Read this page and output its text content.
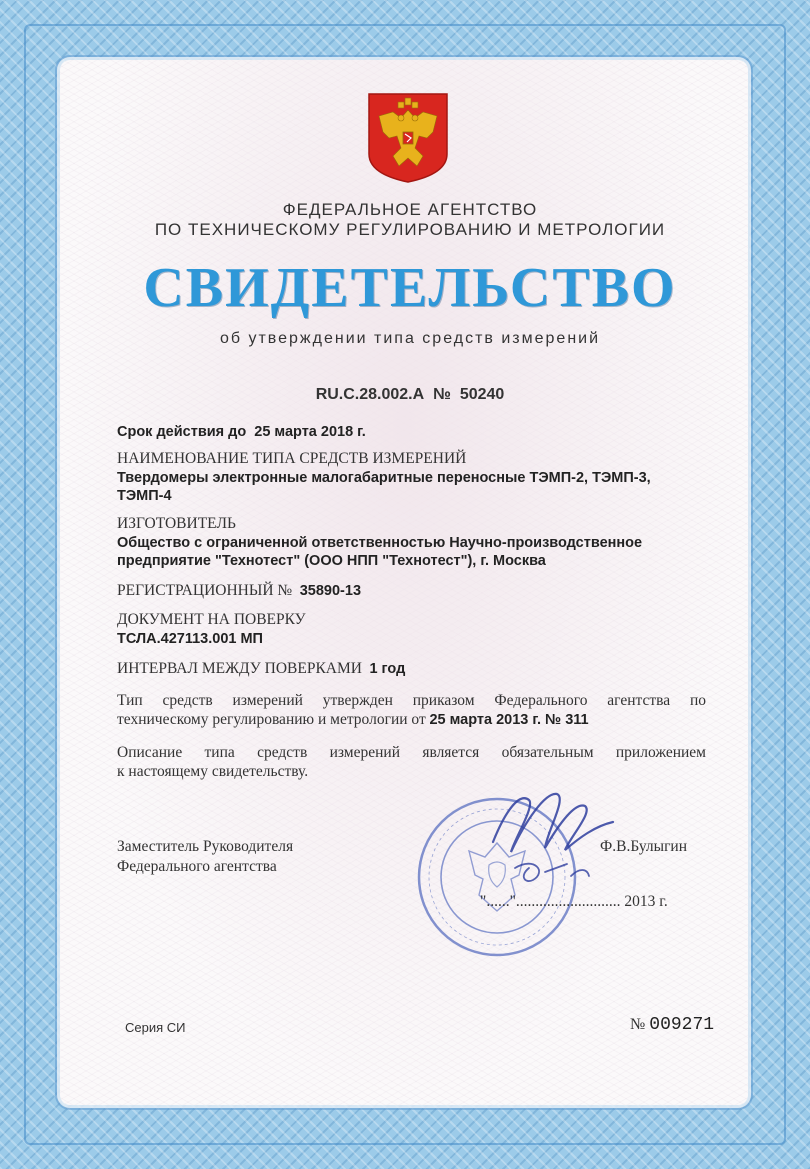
ФЕДЕРАЛЬНОЕ АГЕНТСТВО
ПО ТЕХНИЧЕСКОМУ РЕГУЛИРОВАНИЮ И МЕТРОЛОГИИ
СВИДЕТЕЛЬСТВО
об утверждении типа средств измерений
RU.C.28.002.A № 50240
Срок действия до 25 марта 2018 г.
НАИМЕНОВАНИЕ ТИПА СРЕДСТВ ИЗМЕРЕНИЙ
Твердомеры электронные малогабаритные переносные ТЭМП-2, ТЭМП-3,
ТЭМП-4
ИЗГОТОВИТЕЛЬ
Общество с ограниченной ответственностью Научно-производственное
предприятие "Технотест" (ООО НПП "Технотест"), г. Москва
РЕГИСТРАЦИОННЫЙ № 35890-13
ДОКУМЕНТ НА ПОВЕРКУ
ТСЛА.427113.001 МП
ИНТЕРВАЛ МЕЖДУ ПОВЕРКАМИ 1 год
Тип средств измерений утвержден приказом Федерального агентства по
техническому регулированию и метрологии от 25 марта 2013 г. № 311
Описание типа средств измерений является обязательным приложением
к настоящему свидетельству.
Заместитель Руководителя
Федерального агентства
Ф.В.Булыгин
"......"........................... 2013 г.
Серия СИ	№ 009271
